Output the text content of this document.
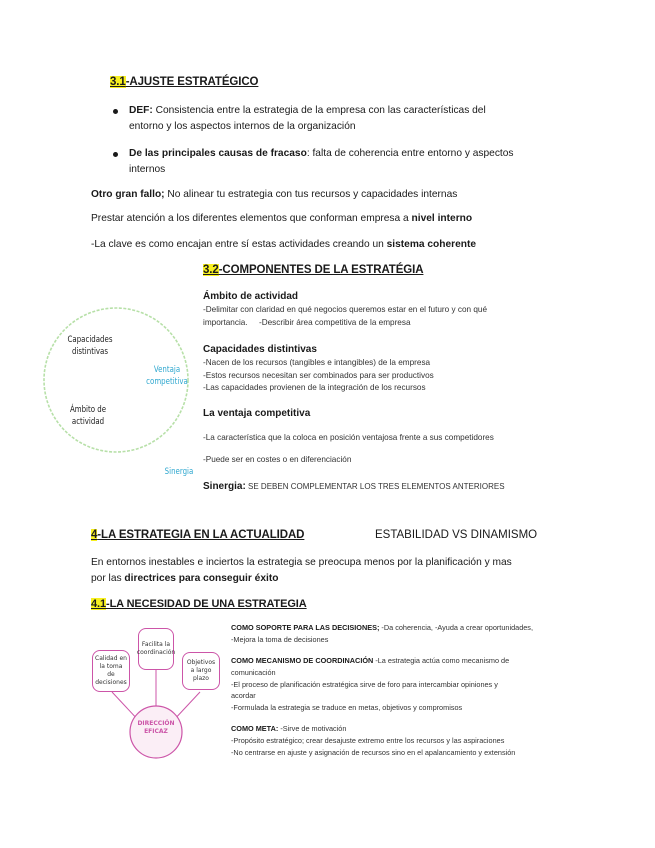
3.1-AJUSTE ESTRATÉGICO
DEF: Consistencia entre la estrategia de la empresa con las características del
entorno y los aspectos internos de la organización
De las principales causas de fracaso: falta de coherencia entre entorno y aspectos
internos
Otro gran fallo; No alinear tu estrategia con tus recursos y capacidades internas
Prestar atención a los diferentes elementos que conforman empresa a nivel interno
-La clave es como encajan entre sí estas actividades creando un sistema coherente
3.2-COMPONENTES DE LA ESTRATÉGIA
Capacidades
distintivas
Ventaja
competitiva
Ámbito de
actividad
Sinergia
Ámbito de actividad
-Delimitar con claridad en qué negocios queremos estar en el futuro y con qué
importancia.     -Describir área competitiva de la empresa
Capacidades distintivas
-Nacen de los recursos (tangibles e intangibles) de la empresa
-Estos recursos necesitan ser combinados para ser productivos
-Las capacidades provienen de la integración de los recursos
La ventaja competitiva
-La característica que la coloca en posición ventajosa frente a sus competidores
-Puede ser en costes o en diferenciación
Sinergia: SE DEBEN COMPLEMENTAR LOS TRES ELEMENTOS ANTERIORES
4-LA ESTRATEGIA EN LA ACTUALIDAD	ESTABILIDAD VS DINAMISMO
En entornos inestables e inciertos la estrategia se preocupa menos por la planificación y mas
por las directrices para conseguir éxito
4.1-LA NECESIDAD DE UNA ESTRATEGIA
Calidad en la toma de decisiones
Facilita la coordinación
Objetivos a largo plazo
DIRECCIÓN EFICAZ
COMO SOPORTE PARA LAS DECISIONES; -Da coherencia, -Ayuda a crear oportunidades,
-Mejora la toma de decisiones
COMO MECANISMO DE COORDINACIÓN -La estrategia actúa como mecanismo de
comunicación
-El proceso de planificación estratégica sirve de foro para intercambiar opiniones y
acordar
-Formulada la estrategia se traduce en metas, objetivos y compromisos
COMO META: -Sirve de motivación
-Propósito estratégico; crear desajuste extremo entre los recursos y las aspiraciones
-No centrarse en ajuste y asignación de recursos sino en el apalancamiento y extensión
